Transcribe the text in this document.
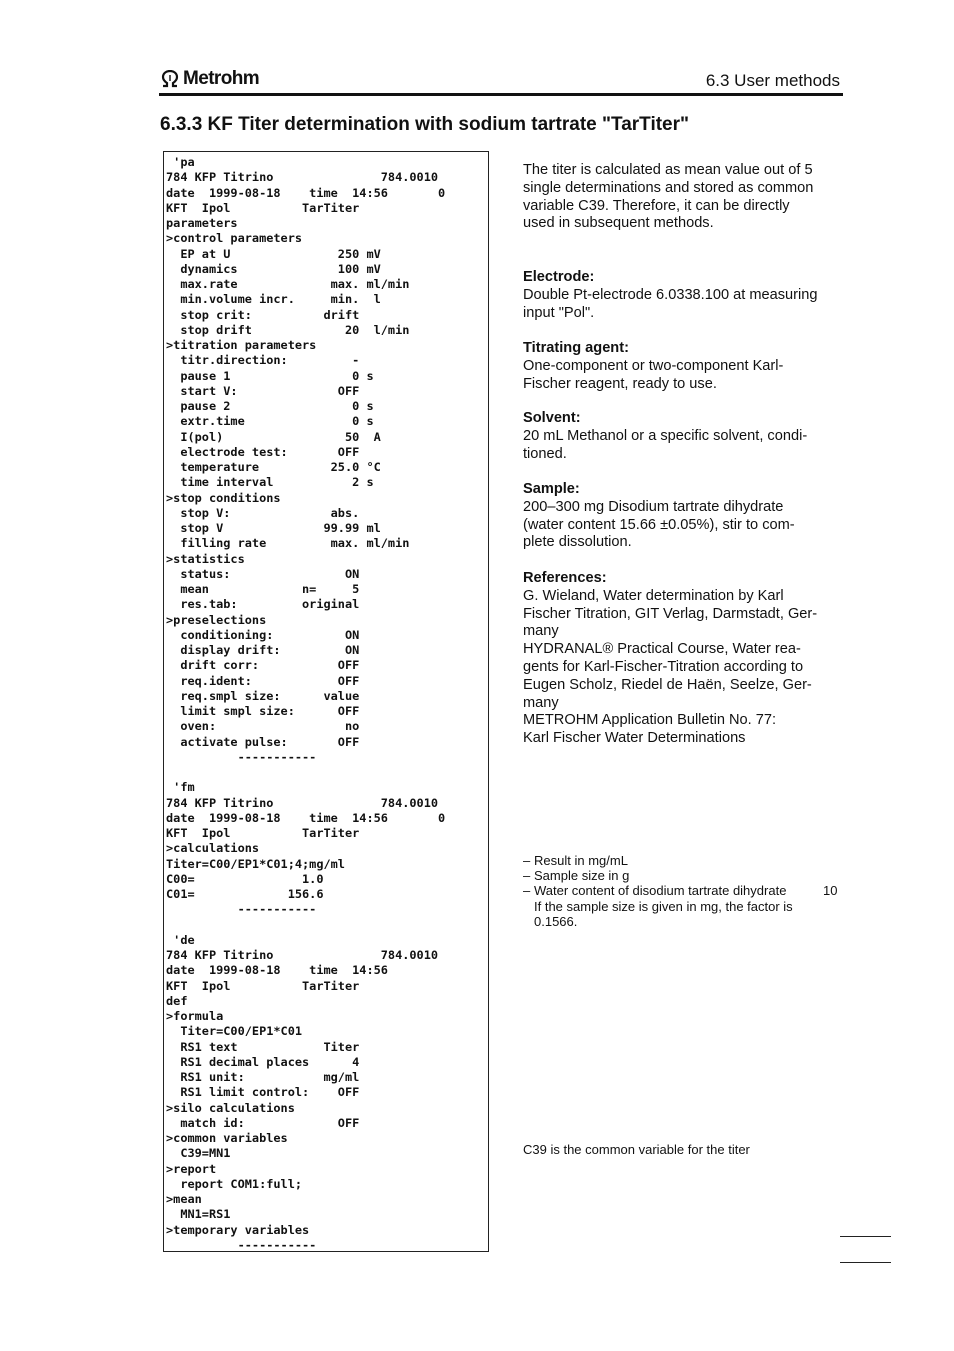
Metrohm	6.3 User methods
6.3.3 KF Titer determination with sodium tartrate "TarTiter"
'pa
784 KFP Titrino               784.0010
date  1999-08-18    time  14:56       0
KFT  Ipol          TarTiter
parameters
>control parameters
EP at U               250 mV
dynamics              100 mV
max.rate             max. ml/min
min.volume incr.     min.  l
stop crit:          drift
stop drift             20  l/min
>titration parameters
titr.direction:         -
pause 1                 0 s
start V:              OFF
pause 2                 0 s
extr.time               0 s
I(pol)                 50  A
electrode test:       OFF
temperature          25.0 °C
time interval           2 s
>stop conditions
stop V:              abs.
stop V              99.99 ml
filling rate         max. ml/min
>statistics
status:                ON
mean             n=     5
res.tab:         original
>preselections
conditioning:          ON
display drift:         ON
drift corr:           OFF
req.ident:            OFF
req.smpl size:      value
limit smpl size:      OFF
oven:                  no
activate pulse:       OFF
-----------

'fm
784 KFP Titrino               784.0010
date  1999-08-18    time  14:56       0
KFT  Ipol          TarTiter
>calculations
Titer=C00/EP1*C01;4;mg/ml
C00=               1.0
C01=             156.6
-----------

'de
784 KFP Titrino               784.0010
date  1999-08-18    time  14:56
KFT  Ipol          TarTiter
def
>formula
Titer=C00/EP1*C01
RS1 text            Titer
RS1 decimal places      4
RS1 unit:           mg/ml
RS1 limit control:    OFF
>silo calculations
match id:             OFF
>common variables
C39=MN1
>report
report COM1:full;
>mean
MN1=RS1
>temporary variables
-----------

The titer is calculated as mean value out of 5

single determinations and stored as common

variable C39. Therefore, it can be directly

used in subsequent methods.

Electrode:

Double Pt-electrode 6.0338.100 at measuring

input "Pol".

Titrating agent:

One-component or two-component Karl-

Fischer reagent, ready to use.

Solvent:

20 mL Methanol or a specific solvent, condi-

tioned.

Sample:

200–300 mg Disodium tartrate dihydrate

(water content 15.66 ±0.05%), stir to com-

plete dissolution.

References:

G. Wieland, Water determination by Karl

Fischer Titration, GIT Verlag, Darmstadt, Ger-

many

HYDRANAL® Practical Course, Water rea-

gents for Karl-Fischer-Titration according to

Eugen Scholz, Riedel de Haën, Seelze, Ger-

many

METROHM Application Bulletin No. 77:

Karl Fischer Water Determinations

– Result in mg/mL
– Sample size in g
– Water content of disodium tartrate dihydrate	10
If the sample size is given in mg, the factor is
0.1566.
C39 is the common variable for the titer
